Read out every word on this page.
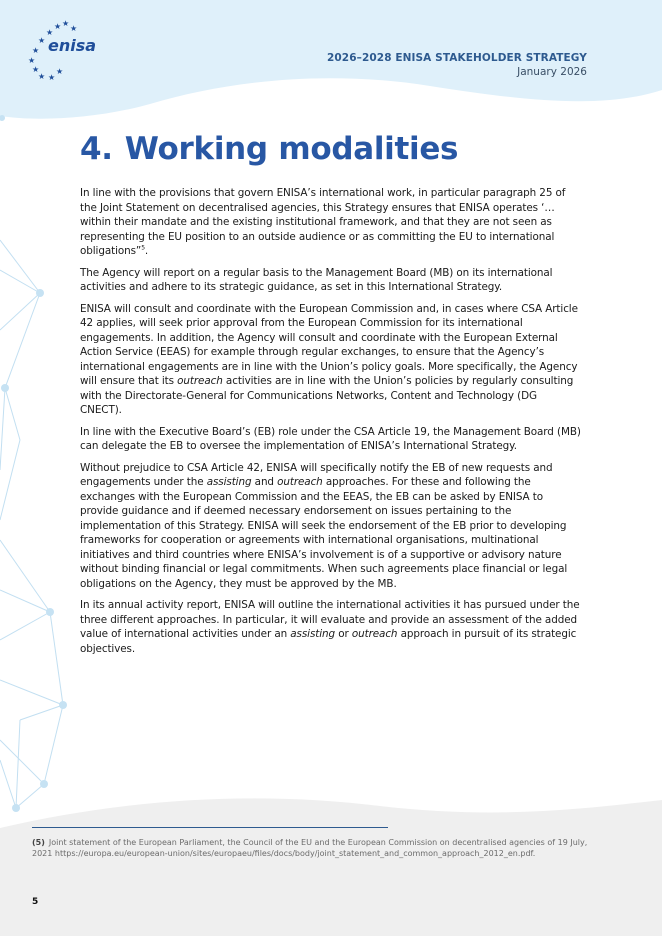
★ ★
★
★
★
★
★
★ ★
★
★
enisa
2026–2028 ENISA STAKEHOLDER STRATEGY
January 2026
4. Working modalities

In line with the provisions that govern ENISA’s international work, in particular paragraph 25 of the Joint Statement on decentralised agencies, this Strategy ensures that ENISA operates ‘… within their mandate and the existing institutional framework, and that they are not seen as representing the EU position to an outside audience or as committing the EU to international obligations”$^5$.

The Agency will report on a regular basis to the Management Board (MB) on its international activities and adhere to its strategic guidance, as set in this International Strategy.

ENISA will consult and coordinate with the European Commission and, in cases where CSA Article 42 applies, will seek prior approval from the European Commission for its international engagements. In addition, the Agency will consult and coordinate with the European External Action Service (EEAS) for example through regular exchanges, to ensure that the Agency’s international engagements are in line with the Union’s policy goals. More specifically, the Agency will ensure that its outreach activities are in line with the Union’s policies by regularly consulting with the Directorate-General for Communications Networks, Content and Technology (DG CNECT).

In line with the Executive Board’s (EB) role under the CSA Article 19, the Management Board (MB) can delegate the EB to oversee the implementation of ENISA’s International Strategy.

Without prejudice to CSA Article 42, ENISA will specifically notify the EB of new requests and engagements under the assisting and outreach approaches. For these and following the exchanges with the European Commission and the EEAS, the EB can be asked by ENISA to provide guidance and if deemed necessary endorsement on issues pertaining to the implementation of this Strategy. ENISA will seek the endorsement of the EB prior to developing frameworks for cooperation or agreements with international organisations, multinational initiatives and third countries where ENISA’s involvement is of a supportive or advisory nature without binding financial or legal commitments. When such agreements place financial or legal obligations on the Agency, they must be approved by the MB.

In its annual activity report, ENISA will outline the international activities it has pursued under the three different approaches. In particular, it will evaluate and provide an assessment of the added value of international activities under an assisting or outreach approach in pursuit of its strategic objectives.

(5) Joint statement of the European Parliament, the Council of the EU and the European Commission on decentralised agencies of 19 July, 2021 https://europa.eu/european-union/sites/europaeu/files/docs/body/joint_statement_and_common_approach_2012_en.pdf.
5
